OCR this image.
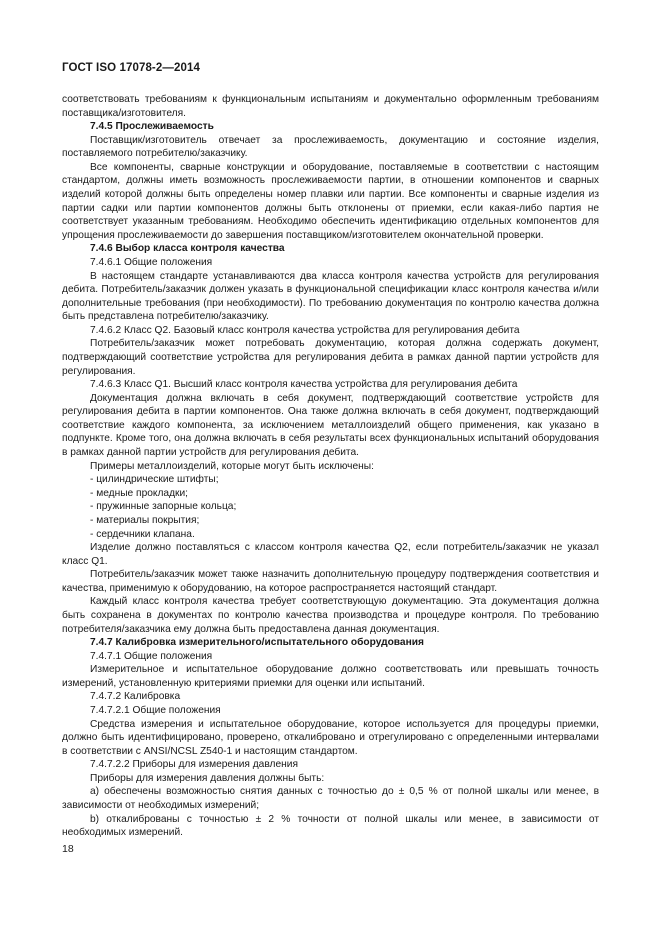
ГОСТ ISO 17078-2—2014

соответствовать требованиям к функциональным испытаниям и документально оформленным требованиям поставщика/изготовителя.

7.4.5 Прослеживаемость

Поставщик/изготовитель отвечает за прослеживаемость, документацию и состояние изделия, поставляемого потребителю/заказчику.

Все компоненты, сварные конструкции и оборудование, поставляемые в соответствии с настоящим стандартом, должны иметь возможность прослеживаемости партии, в отношении компонентов и сварных изделий которой должны быть определены номер плавки или партии. Все компоненты и сварные изделия из партии садки или партии компонентов должны быть отклонены от приемки, если какая-либо партия не соответствует указанным требованиям. Необходимо обеспечить идентификацию отдельных компонентов для упрощения прослеживаемости до завершения поставщиком/изготовителем окончательной проверки.

7.4.6 Выбор класса контроля качества

7.4.6.1 Общие положения

В настоящем стандарте устанавливаются два класса контроля качества устройств для регулирования дебита. Потребитель/заказчик должен указать в функциональной спецификации класс контроля качества и/или дополнительные требования (при необходимости). По требованию документация по контролю качества должна быть представлена потребителю/заказчику.

7.4.6.2 Класс Q2. Базовый класс контроля качества устройства для регулирования дебита

Потребитель/заказчик может потребовать документацию, которая должна содержать документ, подтверждающий соответствие устройства для регулирования дебита в рамках данной партии устройств для регулирования.

7.4.6.3 Класс Q1. Высший класс контроля качества устройства для регулирования дебита

Документация должна включать в себя документ, подтверждающий соответствие устройств для регулирования дебита в партии компонентов. Она также должна включать в себя документ, подтверждающий соответствие каждого компонента, за исключением металлоизделий общего применения, как указано в подпункте. Кроме того, она должна включать в себя результаты всех функциональных испытаний оборудования в рамках данной партии устройств для регулирования дебита.

Примеры металлоизделий, которые могут быть исключены:

- цилиндрические штифты;

- медные прокладки;

- пружинные запорные кольца;

- материалы покрытия;

- сердечники клапана.

Изделие должно поставляться с классом контроля качества Q2, если потребитель/заказчик не указал класс Q1.

Потребитель/заказчик может также назначить дополнительную процедуру подтверждения соответствия и качества, применимую к оборудованию, на которое распространяется настоящий стандарт.

Каждый класс контроля качества требует соответствующую документацию. Эта документация должна быть сохранена в документах по контролю качества производства и процедуре контроля. По требованию потребителя/заказчика ему должна быть предоставлена данная документация.

7.4.7 Калибровка измерительного/испытательного оборудования

7.4.7.1 Общие положения

Измерительное и испытательное оборудование должно соответствовать или превышать точность измерений, установленную критериями приемки для оценки или испытаний.

7.4.7.2 Калибровка

7.4.7.2.1 Общие положения

Средства измерения и испытательное оборудование, которое используется для процедуры приемки, должно быть идентифицировано, проверено, откалибровано и отрегулировано с определенными интервалами в соответствии с ANSI/NCSL Z540-1 и настоящим стандартом.

7.4.7.2.2 Приборы для измерения давления

Приборы для измерения давления должны быть:

a) обеспечены возможностью снятия данных с точностью до ± 0,5 % от полной шкалы или менее, в зависимости от необходимых измерений;

b) откалиброваны с точностью ± 2 % точности от полной шкалы или менее, в зависимости от необходимых измерений.

18
